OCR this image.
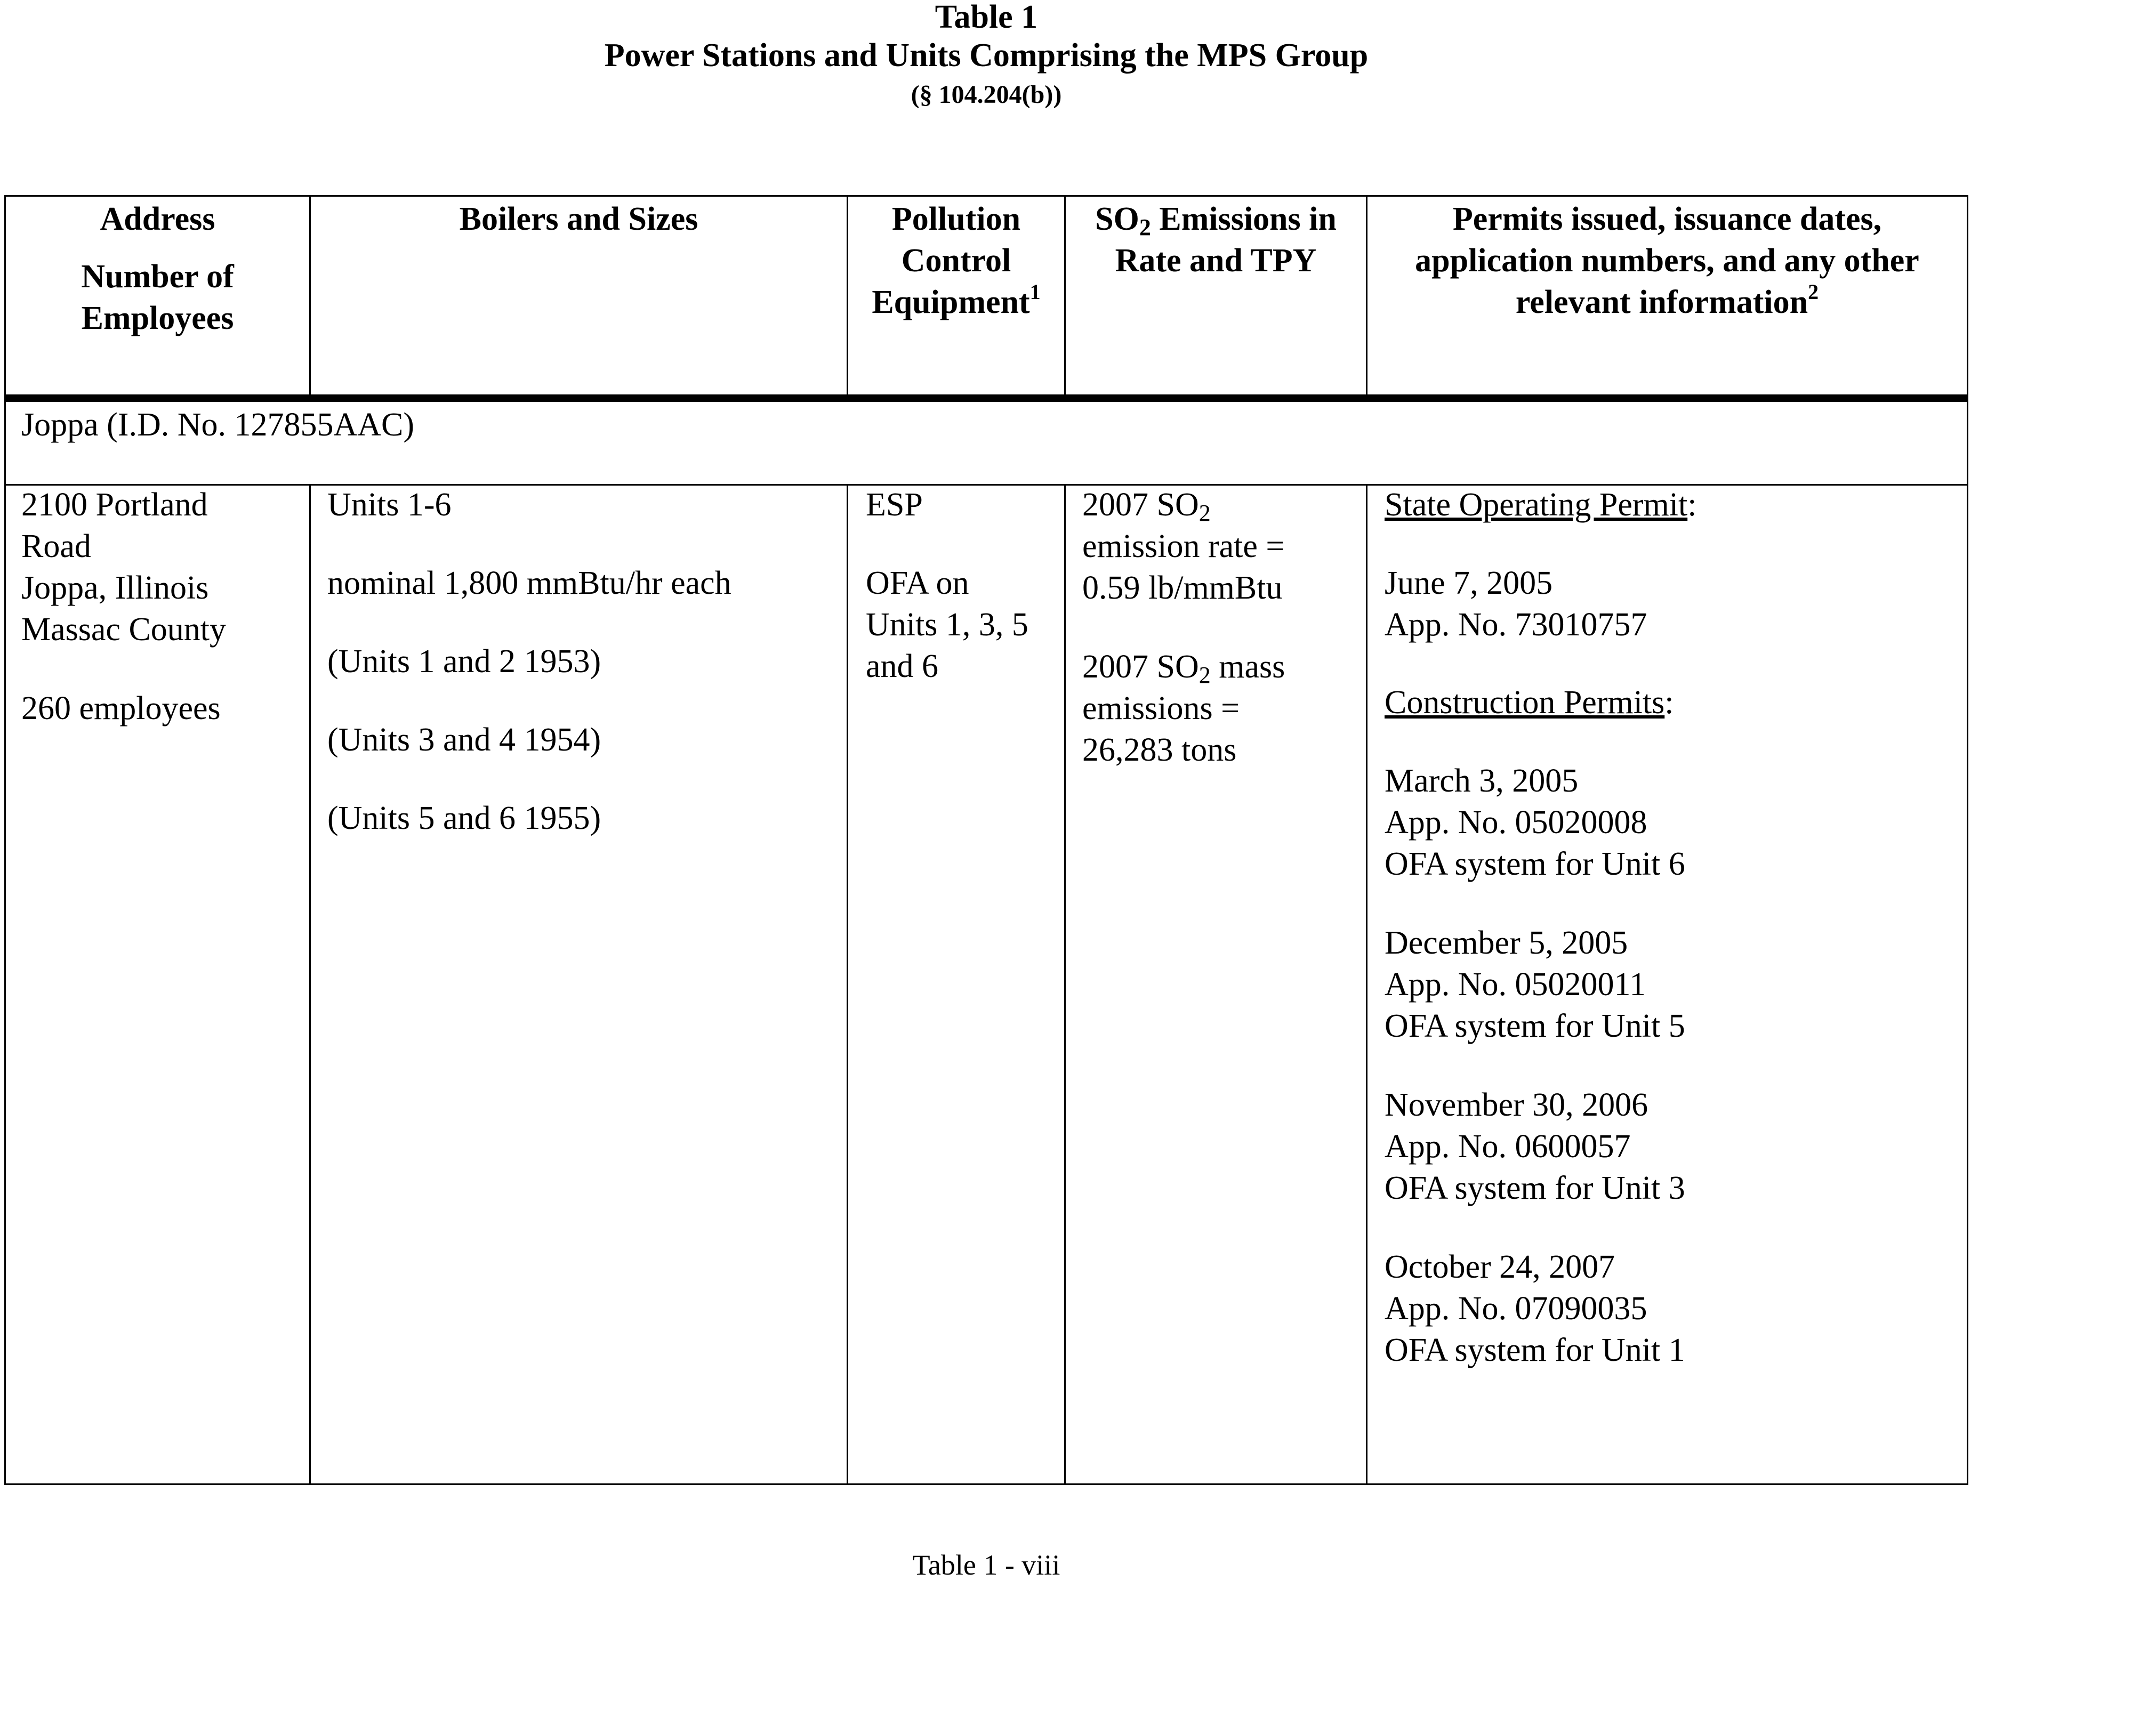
Table 1
Power Stations and Units Comprising the MPS Group
(§ 104.204(b))
Address
Number of Employees
Boilers and Sizes	Pollution Control Equipment$^1$
$SO_2$ Emissions in Rate and TPY
Permits issued, issuance dates, application numbers, and any other relevant information$^2$
Joppa (I.D. No. 127855AAC)
2100 Portland
Road
Joppa, Illinois
Massac County
260 employees
Units 1-6
nominal 1,800 mmBtu/hr each
(Units 1 and 2 1953)
(Units 3 and 4 1954)
(Units 5 and 6 1955)
ESP
OFA on
Units 1, 3, 5
and 6
2007 $SO_2$
emission rate =
0.59 lb/mmBtu
2007 $SO_2$ mass
emissions =
26,283 tons
State Operating Permit:
June 7, 2005
App. No. 73010757
Construction Permits:
March 3, 2005
App. No. 05020008
OFA system for Unit 6
December 5, 2005
App. No. 05020011
OFA system for Unit 5
November 30, 2006
App. No. 0600057
OFA system for Unit 3
October 24, 2007
App. No. 07090035
OFA system for Unit 1
Table 1 - viii
